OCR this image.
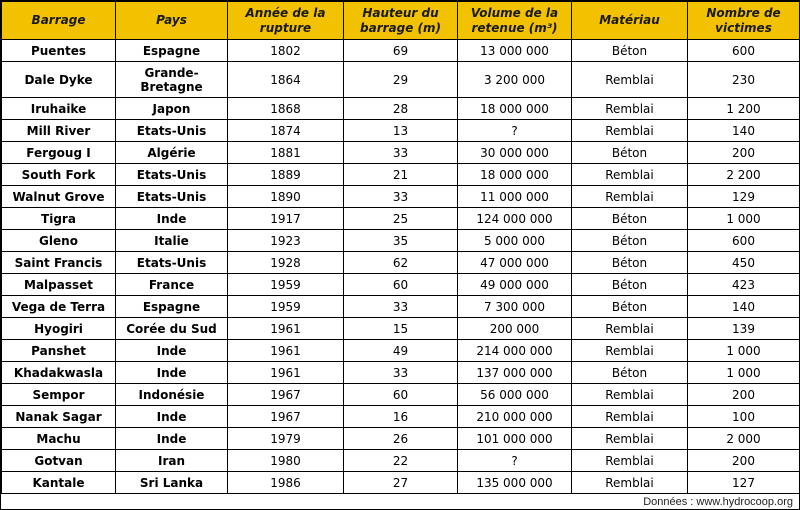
Barrage	Pays	Année de la rupture	Hauteur du barrage (m)	Volume de la retenue (m³)	Matériau	Nombre de victimes
Puentes	Espagne	1802	69	13 000 000	Béton	600
Dale Dyke	Grande-Bretagne	1864	29	3 200 000	Remblai	230
Iruhaike	Japon	1868	28	18 000 000	Remblai	1 200
Mill River	Etats-Unis	1874	13	?	Remblai	140
Fergoug I	Algérie	1881	33	30 000 000	Béton	200
South Fork	Etats-Unis	1889	21	18 000 000	Remblai	2 200
Walnut Grove	Etats-Unis	1890	33	11 000 000	Remblai	129
Tigra	Inde	1917	25	124 000 000	Béton	1 000
Gleno	Italie	1923	35	5 000 000	Béton	600
Saint Francis	Etats-Unis	1928	62	47 000 000	Béton	450
Malpasset	France	1959	60	49 000 000	Béton	423
Vega de Terra	Espagne	1959	33	7 300 000	Béton	140
Hyogiri	Corée du Sud	1961	15	200 000	Remblai	139
Panshet	Inde	1961	49	214 000 000	Remblai	1 000
Khadakwasla	Inde	1961	33	137 000 000	Béton	1 000
Sempor	Indonésie	1967	60	56 000 000	Remblai	200
Nanak Sagar	Inde	1967	16	210 000 000	Remblai	100
Machu	Inde	1979	26	101 000 000	Remblai	2 000
Gotvan	Iran	1980	22	?	Remblai	200
Kantale	Sri Lanka	1986	27	135 000 000	Remblai	127
Données : www.hydrocoop.org
